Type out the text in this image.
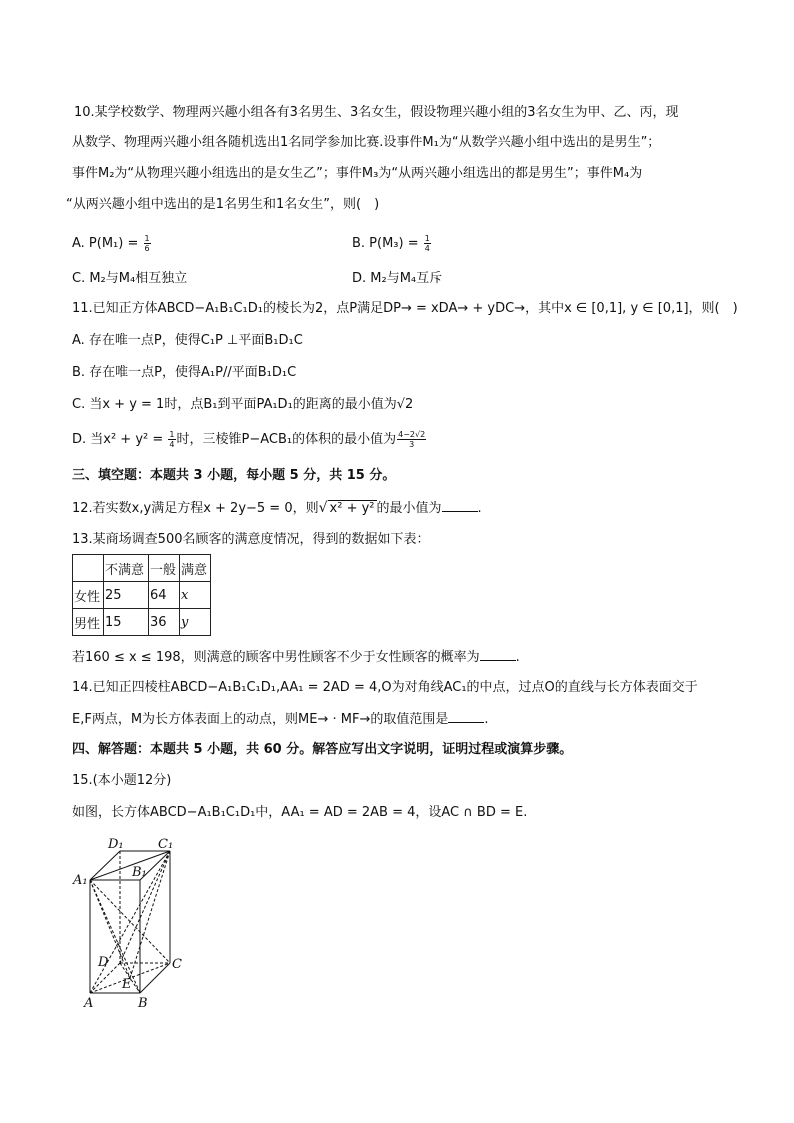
10.某学校数学、物理两兴趣小组各有3名男生、3名女生，假设物理兴趣小组的3名女生为甲、乙、丙，现
从数学、物理两兴趣小组各随机选出1名同学参加比赛.设事件M₁为“从数学兴趣小组中选出的是男生”；
事件M₂为“从物理兴趣小组选出的是女生乙”；事件M₃为“从两兴趣小组选出的都是男生”；事件M₄为
“从两兴趣小组中选出的是1名男生和1名女生”，则(　)
A. $P(M_1) = \frac{1}{6}$	B. $P(M_3) = \frac{1}{4}$
C. M₂与M₄相互独立	D. M₂与M₄互斥
11.已知正方体ABCD−A₁B₁C₁D₁的棱长为2，点P满足DP→ = xDA→ + yDC→，其中x ∈ [0,1], y ∈ [0,1]，则(　)
A. 存在唯一点P，使得C₁P ⊥平面B₁D₁C
B. 存在唯一点P，使得A₁P//平面B₁D₁C
C. 当x + y = 1时，点B₁到平面PA₁D₁的距离的最小值为√2
D. 当$x^2 + y^2 = \frac{1}{4}$ 时，三棱锥P−ACB₁的体积的最小值为 $\frac{4-2√2}{3}$
三、填空题：本题共 3 小题，每小题 5 分，共 15 分。
12.若实数x,y满足方程x + 2y−5 = 0，则√ x² + y² 的最小值为	.
13.某商场调查500名顾客的满意度情况，得到的数据如下表：
	不满意	一般	满意
女性	25	64	x
男性	15	36	y
若160 ≤ x ≤ 198，则满意的顾客中男性顾客不少于女性顾客的概率为	.
14.已知正四棱柱ABCD−A₁B₁C₁D₁,AA₁ = 2AD = 4,O为对角线AC₁的中点，过点O的直线与长方体表面交于
E,F两点，M为长方体表面上的动点，则ME→ · MF→的取值范围是	.
四、解答题：本题共 5 小题，共 60 分。解答应写出文字说明，证明过程或演算步骤。
15.(本小题12分)
如图，长方体ABCD−A₁B₁C₁D₁中，AA₁ = AD = 2AB = 4，设AC ∩ BD = E.
D₁	C₁
A₁
B₁
D	C
E
A	B
